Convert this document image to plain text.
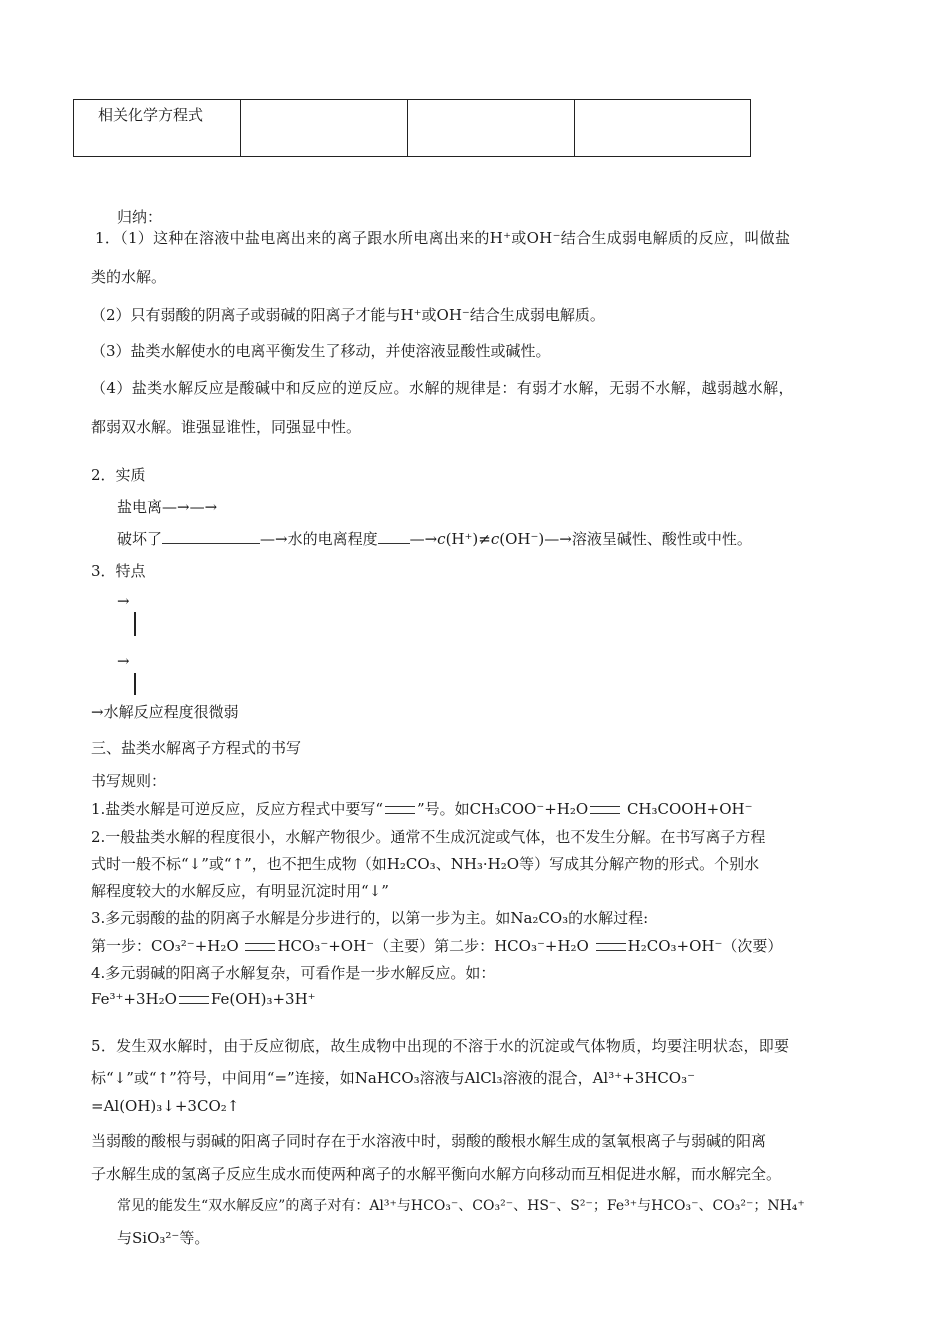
相关化学方程式			
归纳：
1．（1）这种在溶液中盐电离出来的离子跟水所电离出来的H⁺或OH⁻结合生成弱电解质的反应，叫做盐
类的水解。
（2）只有弱酸的阴离子或弱碱的阳离子才能与H⁺或OH⁻结合生成弱电解质。
（3）盐类水解使水的电离平衡发生了移动，并使溶液显酸性或碱性。
（4）盐类水解反应是酸碱中和反应的逆反应。水解的规律是：有弱才水解，无弱不水解，越弱越水解，
都弱双水解。谁强显谁性，同强显中性。
2．实质
盐电离—→—→
破坏了	—→水的电离程度 —→c(H⁺)≠c(OH⁻)—→溶液呈碱性、酸性或中性。
3．特点
→
→
→水解反应程度很微弱
三、盐类水解离子方程式的书写
书写规则：
1.盐类水解是可逆反应，反应方程式中要写“ ”号。如CH₃COO⁻+H₂O CH₃COOH+OH⁻
2.一般盐类水解的程度很小，水解产物很少。通常不生成沉淀或气体，也不发生分解。在书写离子方程
式时一般不标“↓”或“↑”，也不把生成物（如H₂CO₃、NH₃·H₂O等）写成其分解产物的形式。个别水
解程度较大的水解反应，有明显沉淀时用“↓”
3.多元弱酸的盐的阴离子水解是分步进行的，以第一步为主。如Na₂CO₃的水解过程:
第一步：CO₃²⁻+H₂O HCO₃⁻+OH⁻（主要）第二步：HCO₃⁻+H₂O H₂CO₃+OH⁻（次要）
4.多元弱碱的阳离子水解复杂，可看作是一步水解反应。如：
Fe³⁺+3H₂O Fe(OH)₃+3H⁺
5．发生双水解时，由于反应彻底，故生成物中出现的不溶于水的沉淀或气体物质，均要注明状态，即要
标“↓”或“↑”符号，中间用“=”连接，如NaHCO₃溶液与AlCl₃溶液的混合，Al³⁺+3HCO₃⁻
=Al(OH)₃↓+3CO₂↑
当弱酸的酸根与弱碱的阳离子同时存在于水溶液中时，弱酸的酸根水解生成的氢氧根离子与弱碱的阳离
子水解生成的氢离子反应生成水而使两种离子的水解平衡向水解方向移动而互相促进水解，而水解完全。
常见的能发生“双水解反应”的离子对有：Al³⁺与HCO₃⁻、CO₃²⁻、HS⁻、S²⁻；Fe³⁺与HCO₃⁻、CO₃²⁻；NH₄⁺
与SiO₃²⁻等。
